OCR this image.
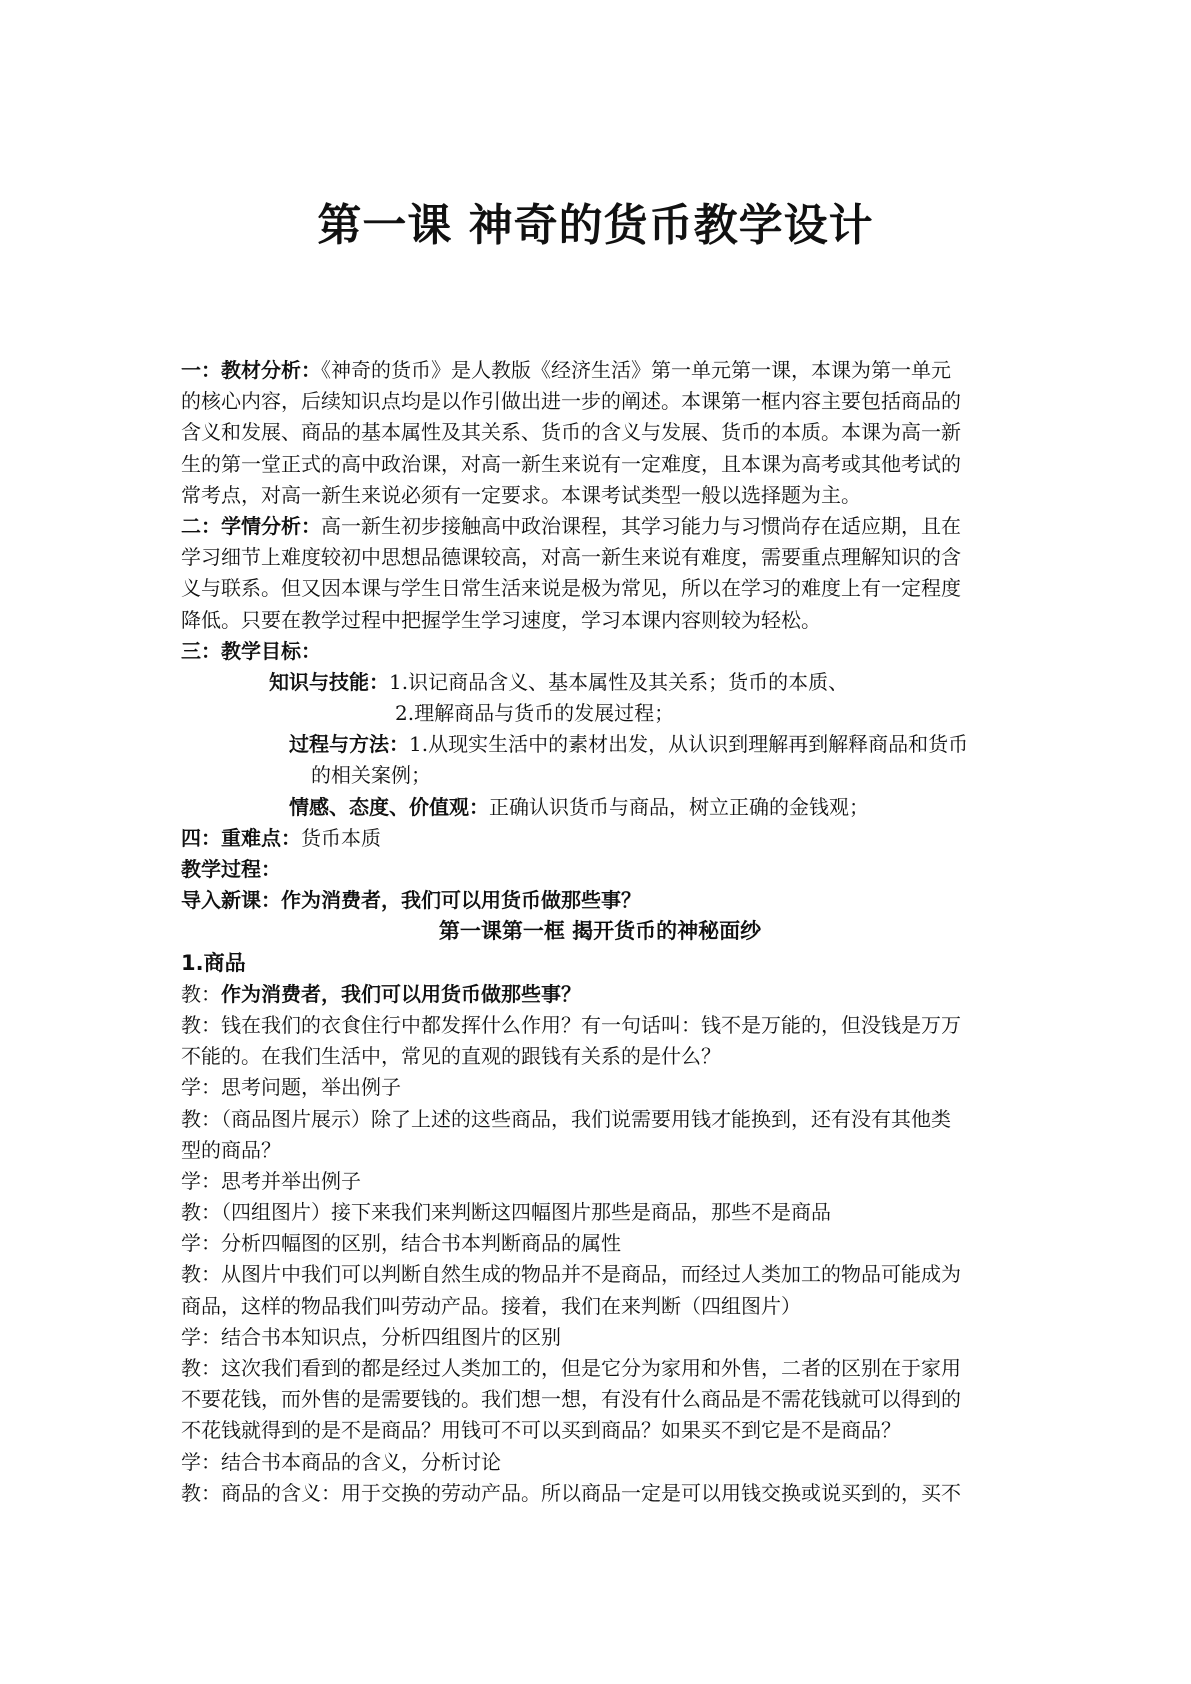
第一课 神奇的货币教学设计
一：教材分析：《神奇的货币》是人教版《经济生活》第一单元第一课，本课为第一单元
的核心内容，后续知识点均是以作引做出进一步的阐述。本课第一框内容主要包括商品的
含义和发展、商品的基本属性及其关系、货币的含义与发展、货币的本质。本课为高一新
生的第一堂正式的高中政治课，对高一新生来说有一定难度，且本课为高考或其他考试的
常考点，对高一新生来说必须有一定要求。本课考试类型一般以选择题为主。
二：学情分析：高一新生初步接触高中政治课程，其学习能力与习惯尚存在适应期，且在
学习细节上难度较初中思想品德课较高，对高一新生来说有难度，需要重点理解知识的含
义与联系。但又因本课与学生日常生活来说是极为常见，所以在学习的难度上有一定程度
降低。只要在教学过程中把握学生学习速度，学习本课内容则较为轻松。
三：教学目标：
知识与技能：1.识记商品含义、基本属性及其关系；货币的本质、
2.理解商品与货币的发展过程；
过程与方法：1.从现实生活中的素材出发，从认识到理解再到解释商品和货币
的相关案例；
情感、态度、价值观：正确认识货币与商品，树立正确的金钱观；
四：重难点：货币本质
教学过程：
导入新课：作为消费者，我们可以用货币做那些事？
第一课第一框 揭开货币的神秘面纱
1.商品
教：作为消费者，我们可以用货币做那些事？
教：钱在我们的衣食住行中都发挥什么作用？有一句话叫：钱不是万能的，但没钱是万万
不能的。在我们生活中，常见的直观的跟钱有关系的是什么？
学：思考问题，举出例子
教：（商品图片展示）除了上述的这些商品，我们说需要用钱才能换到，还有没有其他类
型的商品？
学：思考并举出例子
教：（四组图片）接下来我们来判断这四幅图片那些是商品，那些不是商品
学：分析四幅图的区别，结合书本判断商品的属性
教：从图片中我们可以判断自然生成的物品并不是商品，而经过人类加工的物品可能成为
商品，这样的物品我们叫劳动产品。接着，我们在来判断（四组图片）
学：结合书本知识点，分析四组图片的区别
教：这次我们看到的都是经过人类加工的，但是它分为家用和外售，二者的区别在于家用
不要花钱，而外售的是需要钱的。我们想一想，有没有什么商品是不需花钱就可以得到的
不花钱就得到的是不是商品？用钱可不可以买到商品？如果买不到它是不是商品？
学：结合书本商品的含义，分析讨论
教：商品的含义：用于交换的劳动产品。所以商品一定是可以用钱交换或说买到的，买不
